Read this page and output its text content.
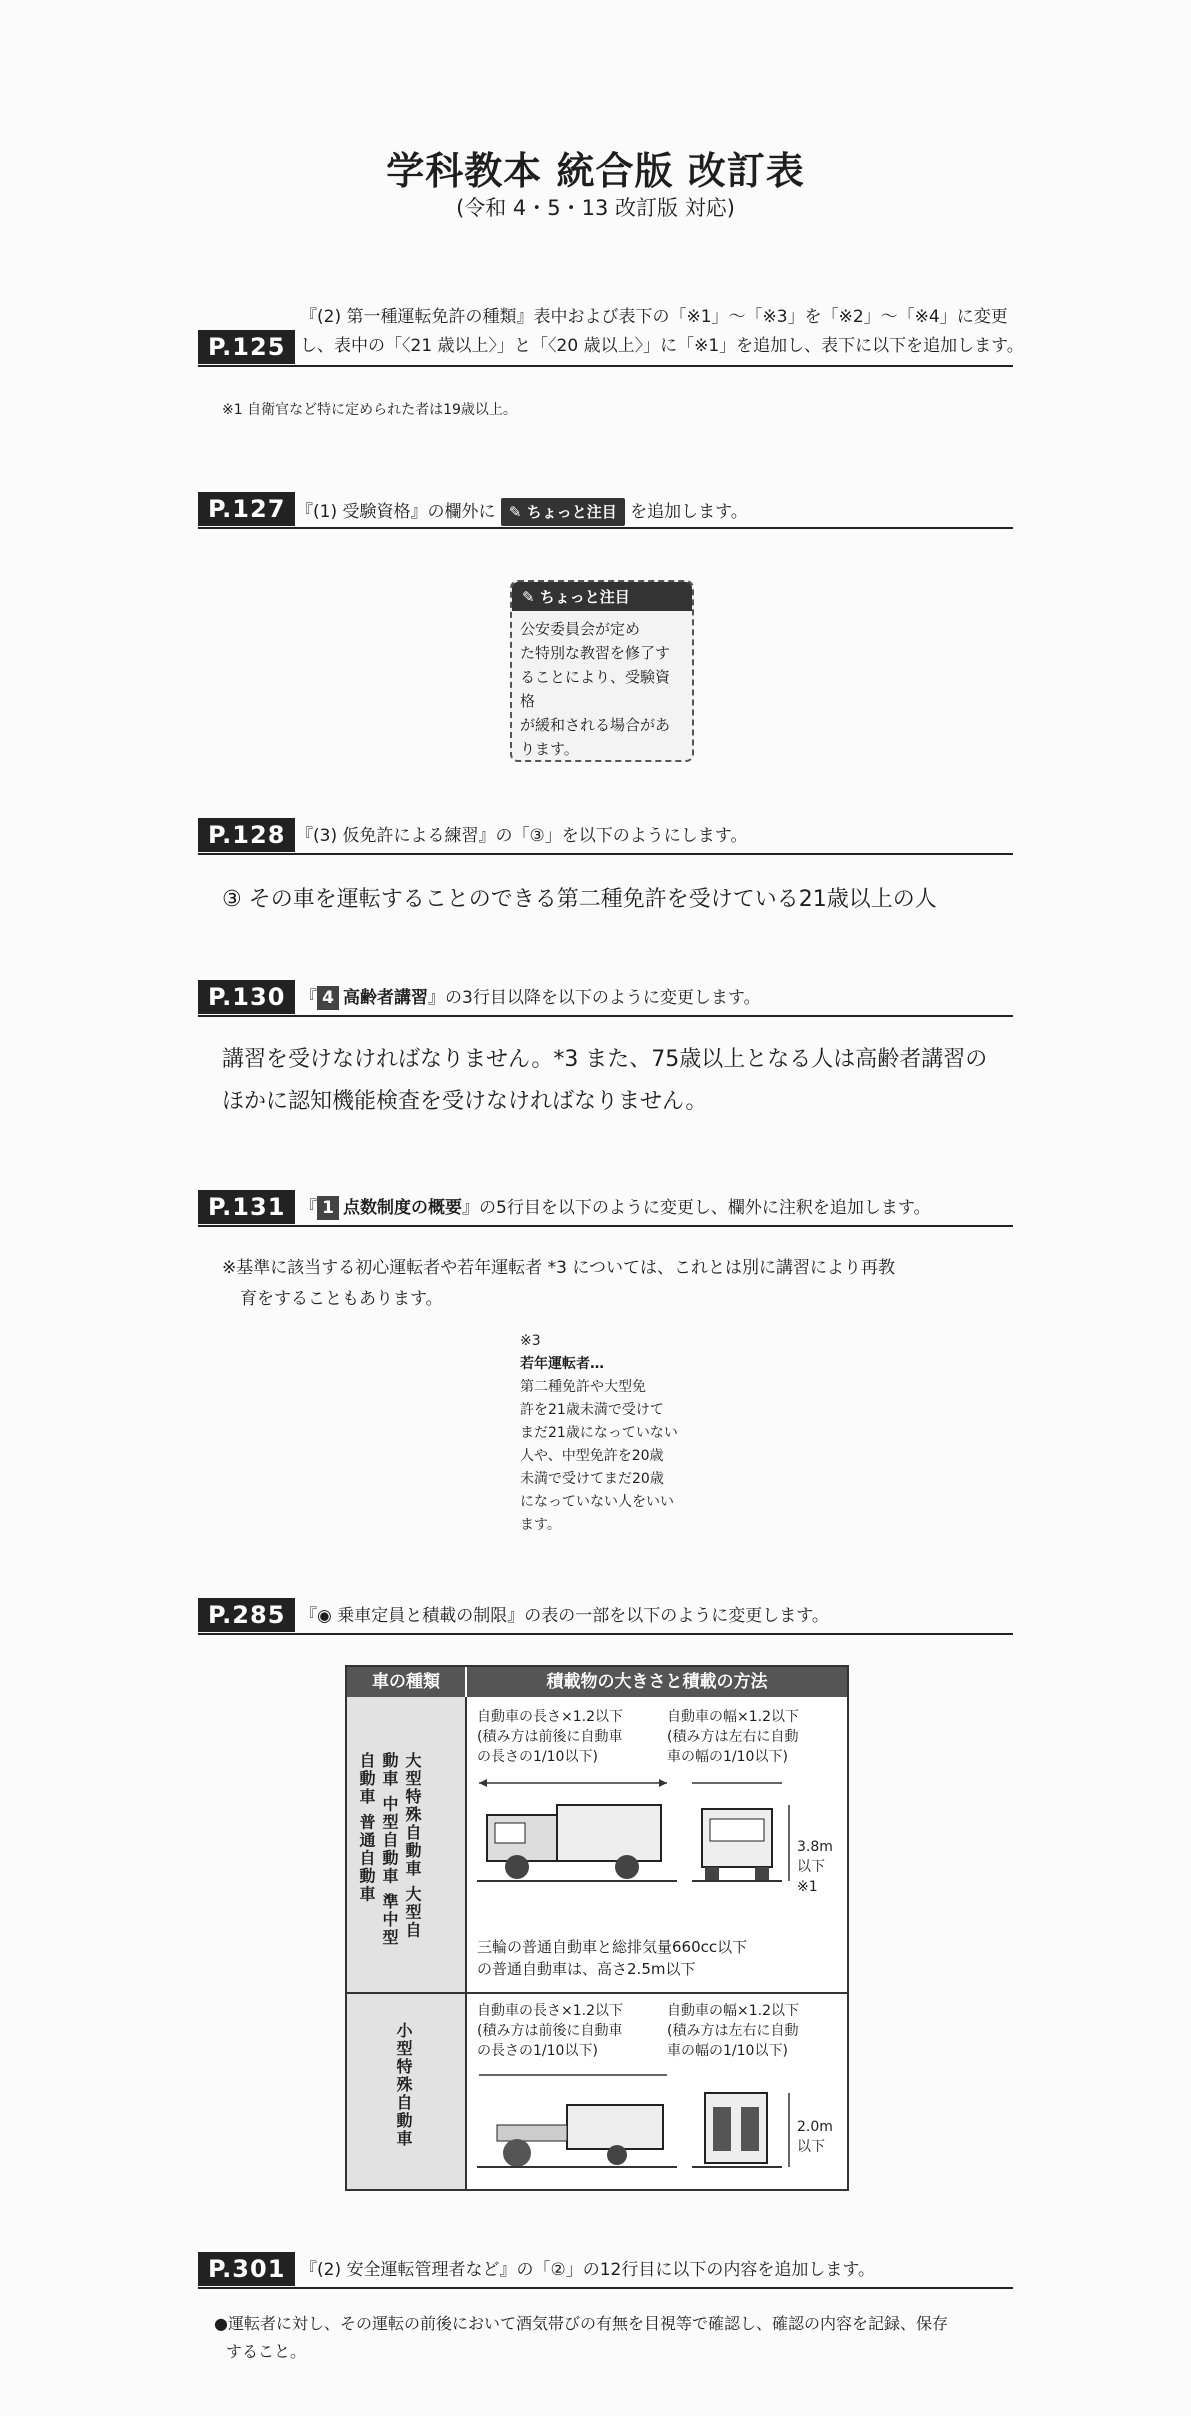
学科教本 統合版 改訂表
(令和 4・5・13 改訂版 対応)
P.125
『(2) 第一種運転免許の種類』表中および表下の「※1」〜「※3」を「※2」〜「※4」に変更
し、表中の「〈21 歳以上〉」と「〈20 歳以上〉」に「※1」を追加し、表下に以下を追加します。
※1 自衛官など特に定められた者は19歳以上。
P.127 『(1) 受験資格』の欄外に ✎ ちょっと注目 を追加します。
✎ ちょっと注目
公安委員会が定め
た特別な教習を修了す
ることにより、受験資格
が緩和される場合があ
ります。
P.128 『(3) 仮免許による練習』の「③」を以下のようにします。
③ その車を運転することのできる第二種免許を受けている21歳以上の人
P.130 『 4 高齢者講習』の3行目以降を以下のように変更します。
講習を受けなければなりません。*3 また、75歳以上となる人は高齢者講習の
ほかに認知機能検査を受けなければなりません。
P.131 『 1 点数制度の概要』の5行目を以下のように変更し、欄外に注釈を追加します。
※基準に該当する初心運転者や若年運転者 *3 については、これとは別に講習により再教
育をすることもあります。
※3
若年運転者…
第二種免許や大型免
許を21歳未満で受けて
まだ21歳になっていない
人や、中型免許を20歳
未満で受けてまだ20歳
になっていない人をいい
ます。
P.285 『◉ 乗車定員と積載の制限』の表の一部を以下のように変更します。
車の種類	積載物の大きさと積載の方法
大型特殊自動車 大型自動車 中型自動車 準中型自動車 普通自動車
自動車の長さ×1.2以下
(積み方は前後に自動車
の長さの1/10以下)
自動車の幅×1.2以下
(積み方は左右に自動
車の幅の1/10以下)
3.8m 以下 ※1
三輪の普通自動車と総排気量660cc以下
の普通自動車は、高さ2.5m以下
小型特殊自動車
自動車の長さ×1.2以下
(積み方は前後に自動車
の長さの1/10以下)
自動車の幅×1.2以下
(積み方は左右に自動
車の幅の1/10以下)
2.0m 以下
P.301 『(2) 安全運転管理者など』の「②」の12行目に以下の内容を追加します。
●運転者に対し、その運転の前後において酒気帯びの有無を目視等で確認し、確認の内容を記録、保存
すること。
